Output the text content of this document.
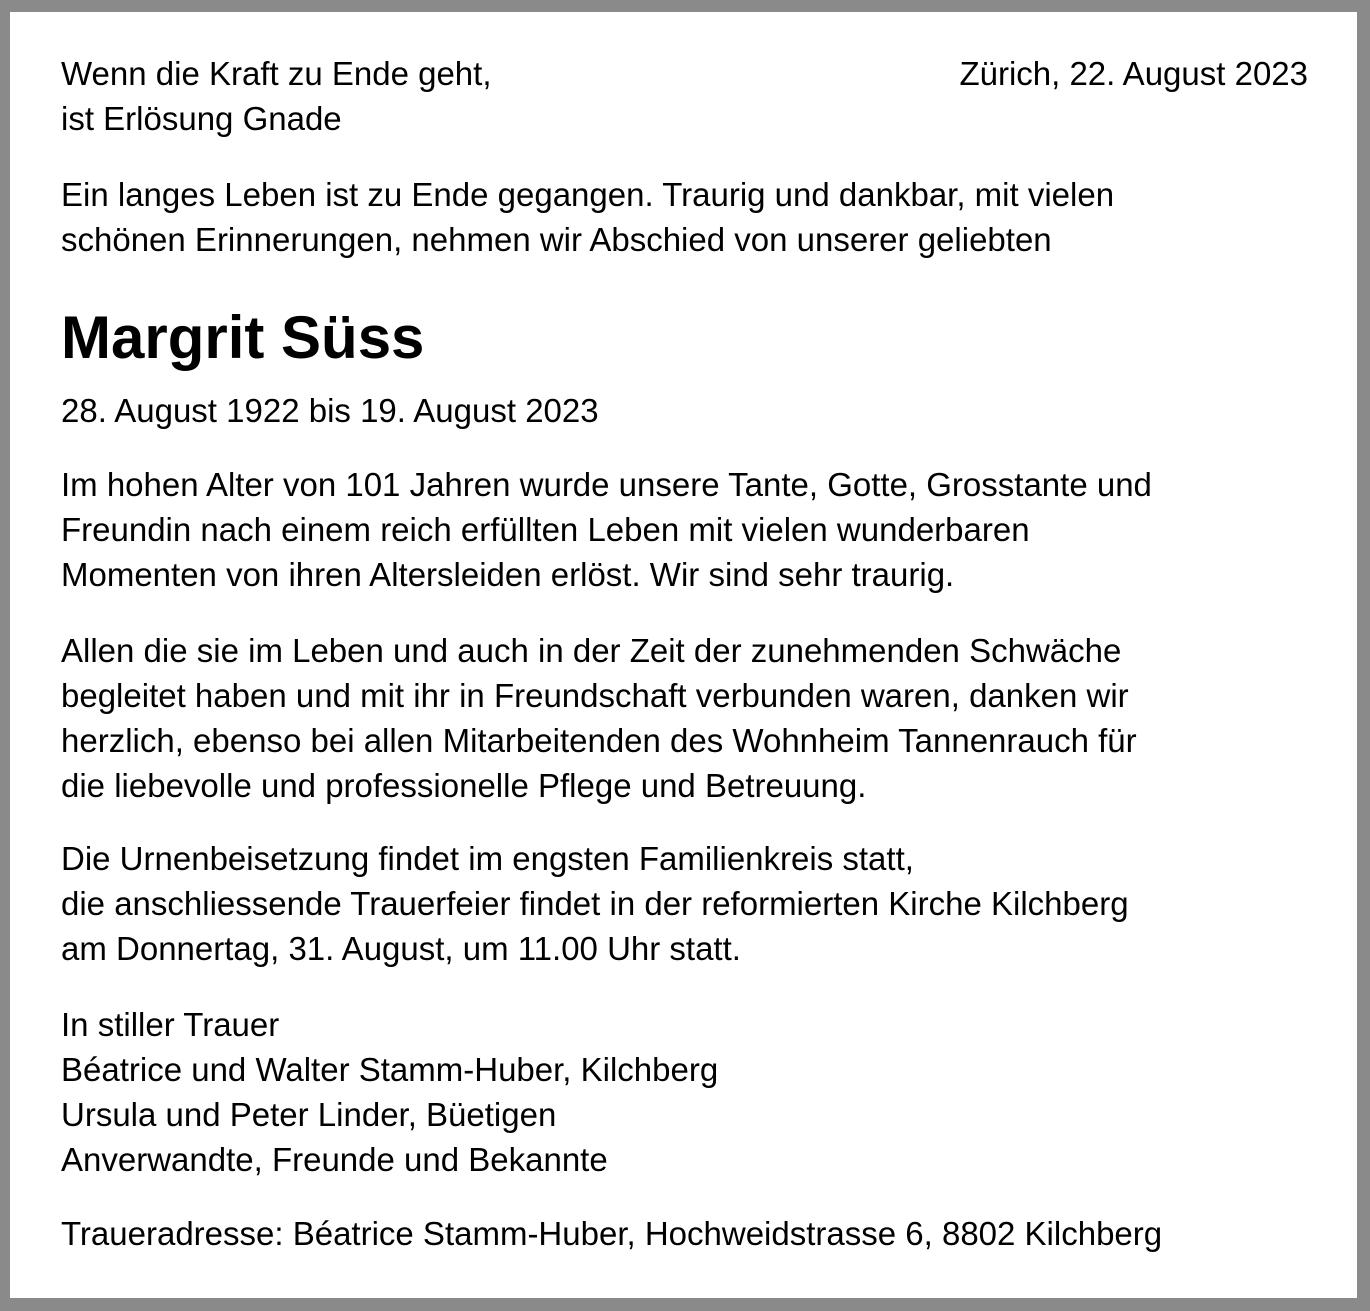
Wenn die Kraft zu Ende geht,
ist Erlösung Gnade

Zürich, 22. August 2023

Ein langes Leben ist zu Ende gegangen. Traurig und dankbar, mit vielen
schönen Erinnerungen, nehmen wir Abschied von unserer geliebten

Margrit Süss

28. August 1922 bis 19. August 2023

Im hohen Alter von 101 Jahren wurde unsere Tante, Gotte, Grosstante und
Freundin nach einem reich erfüllten Leben mit vielen wunderbaren
Momenten von ihren Altersleiden erlöst. Wir sind sehr traurig.

Allen die sie im Leben und auch in der Zeit der zunehmenden Schwäche
begleitet haben und mit ihr in Freundschaft verbunden waren, danken wir
herzlich, ebenso bei allen Mitarbeitenden des Wohnheim Tannenrauch für
die liebevolle und professionelle Pflege und Betreuung.

Die Urnenbeisetzung findet im engsten Familienkreis statt,
die anschliessende Trauerfeier findet in der reformierten Kirche Kilchberg
am Donnertag, 31. August, um 11.00 Uhr statt.

In stiller Trauer
Béatrice und Walter Stamm-Huber, Kilchberg
Ursula und Peter Linder, Büetigen
Anverwandte, Freunde und Bekannte

Traueradresse: Béatrice Stamm-Huber, Hochweidstrasse 6, 8802 Kilchberg
